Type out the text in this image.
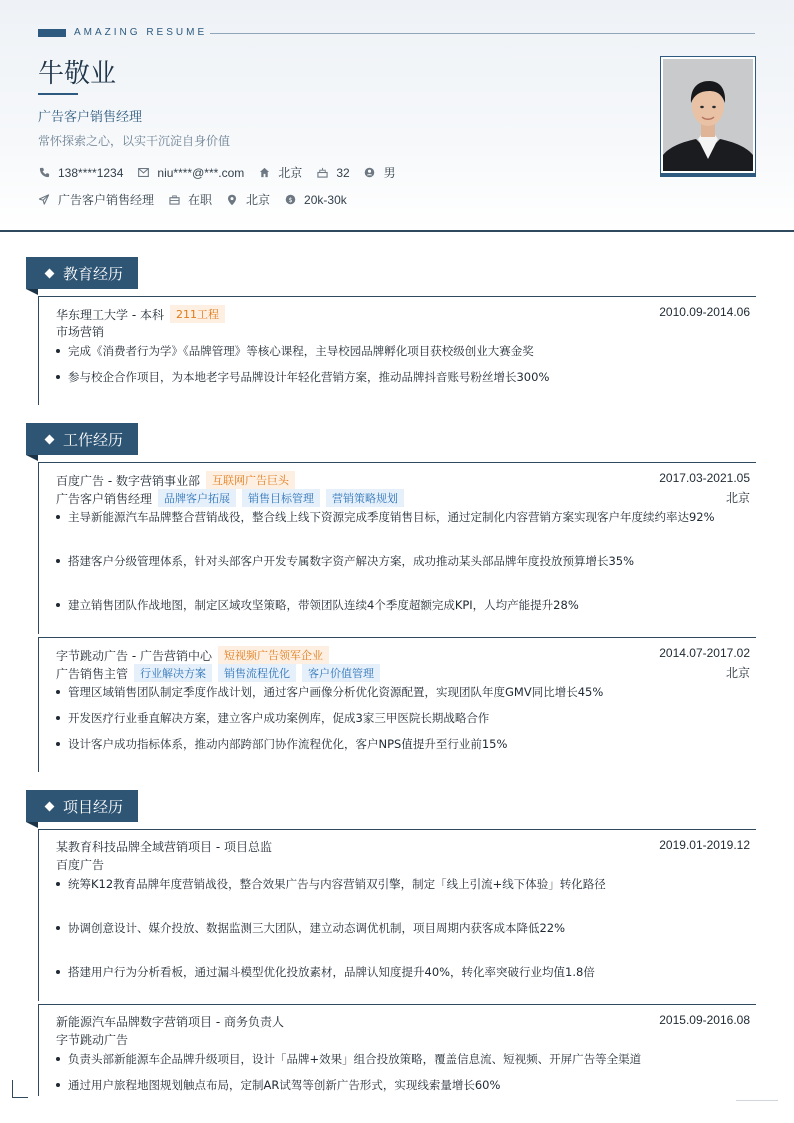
AMAZING RESUME
牛敬业
广告客户销售经理
常怀探索之心，以实干沉淀自身价值
138****1234	niu****@***.com	北京	32	男
广告客户销售经理	在职	北京	$ 20k-30k
教育经历
华东理工大学 - 本科	211工程	2010.09-2014.06
市场营销
完成《消费者行为学》《品牌管理》等核心课程，主导校园品牌孵化项目获校级创业大赛金奖
参与校企合作项目，为本地老字号品牌设计年轻化营销方案，推动品牌抖音账号粉丝增长300%
工作经历
百度广告 - 数字营销事业部	互联网广告巨头	2017.03-2021.05
广告客户销售经理	品牌客户拓展	销售目标管理	营销策略规划	北京
主导新能源汽车品牌整合营销战役，整合线上线下资源完成季度销售目标，通过定制化内容营销方案实现客户年度续约率达92%
搭建客户分级管理体系，针对头部客户开发专属数字资产解决方案，成功推动某头部品牌年度投放预算增长35%
建立销售团队作战地图，制定区域攻坚策略，带领团队连续4个季度超额完成KPI，人均产能提升28%
字节跳动广告 - 广告营销中心	短视频广告领军企业	2014.07-2017.02
广告销售主管	行业解决方案	销售流程优化	客户价值管理	北京
管理区域销售团队制定季度作战计划，通过客户画像分析优化资源配置，实现团队年度GMV同比增长45%
开发医疗行业垂直解决方案，建立客户成功案例库，促成3家三甲医院长期战略合作
设计客户成功指标体系，推动内部跨部门协作流程优化，客户NPS值提升至行业前15%
项目经历
某教育科技品牌全域营销项目 - 项目总监	2019.01-2019.12
百度广告
统筹K12教育品牌年度营销战役，整合效果广告与内容营销双引擎，制定「线上引流+线下体验」转化路径
协调创意设计、媒介投放、数据监测三大团队，建立动态调优机制，项目周期内获客成本降低22%
搭建用户行为分析看板，通过漏斗模型优化投放素材，品牌认知度提升40%，转化率突破行业均值1.8倍
新能源汽车品牌数字营销项目 - 商务负责人	2015.09-2016.08
字节跳动广告
负责头部新能源车企品牌升级项目，设计「品牌+效果」组合投放策略，覆盖信息流、短视频、开屏广告等全渠道
通过用户旅程地图规划触点布局，定制AR试驾等创新广告形式，实现线索量增长60%
